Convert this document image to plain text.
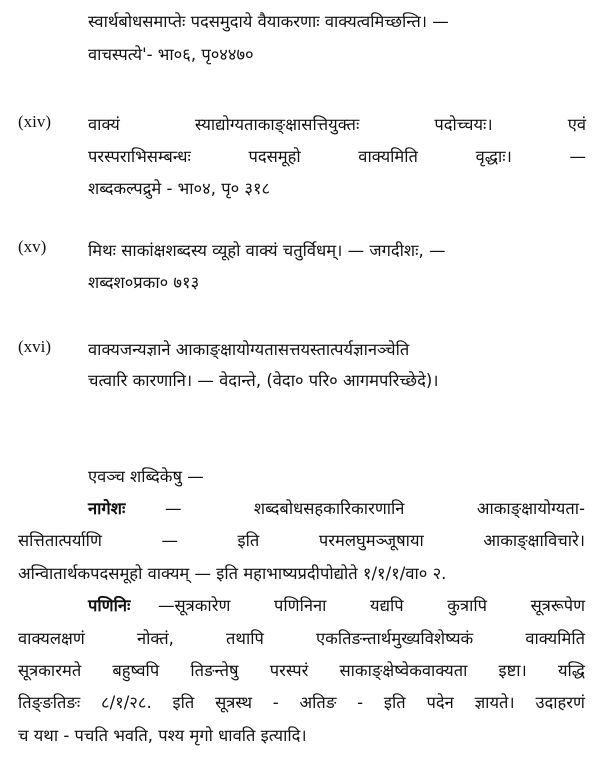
स्वार्थबोधसमाप्तेः पदसमुदाये वैयाकरणाः वाक्यत्वमिच्छन्ति। —
वाचस्पत्ये'- भा०६, पृ०४४७०
(xiv) वाक्यं स्याद्योग्यताकाङ्क्षासत्तियुक्तः पदोच्चयः। एवं
परस्पराभिसम्बन्धः पदसमूहो वाक्यमिति वृद्धाः। —
शब्दकल्पद्रुमे - भा०४, पृ० ३१८
(xv)	मिथः साकांक्षशब्दस्य व्यूहो वाक्यं चतुर्विधम्। — जगदीशः, —
शब्दश०प्रका० ७१३
(xvi) वाक्यजन्यज्ञाने आकाङ्क्षायोग्यतासत्तयस्तात्पर्यज्ञानञ्चेति
चत्वारि कारणानि। — वेदान्ते, (वेदा० परि० आगमपरिच्छेदे)।
एवञ्च शब्दिकेषु —
नागेशः — शब्दबोधसहकारिकारणानि आकाङ्क्षायोग्यता-
सत्तितात्पर्याणि — इति परमलघुमञ्जूषाया आकाङ्क्षाविचारे।
अन्विातार्थकपदसमूहो वाक्यम् — इति महाभाष्यप्रदीपोद्योते १/१/१/वा० २.
पणिनिः —सूत्रकारेण पणिनिना यद्यपि कुत्रापि सूत्ररूपेण
वाक्यलक्षणं नोक्तं, तथापि एकतिङन्तार्थमुख्यविशेष्यकं वाक्यमिति
सूत्रकारमते बहुष्वपि तिङन्तेषु परस्परं साकाङ्क्षेष्वेकवाक्यता इष्टा। यद्धि
तिङ्ङतिङः ८/१/२८. इति सूत्रस्थ - अतिङ - इति पदेन ज्ञायते। उदाहरणं
च यथा - पचति भवति, पश्य मृगो धावति इत्यादि।
